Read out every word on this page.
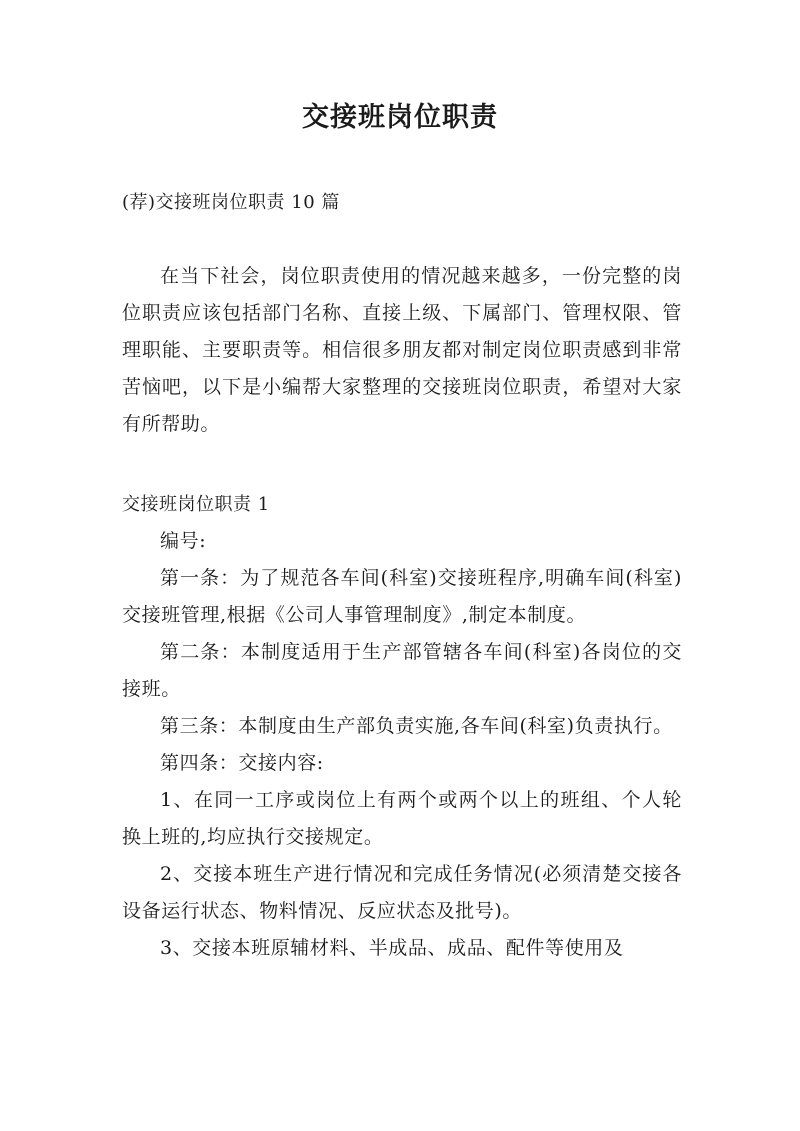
交接班岗位职责
(荐)交接班岗位职责 10 篇

在当下社会，岗位职责使用的情况越来越多，一份完整的岗位职责应该包括部门名称、直接上级、下属部门、管理权限、管理职能、主要职责等。相信很多朋友都对制定岗位职责感到非常苦恼吧，以下是小编帮大家整理的交接班岗位职责，希望对大家有所帮助。

交接班岗位职责 1

编号:

第一条：为了规范各车间(科室)交接班程序,明确车间(科室)交接班管理,根据《公司人事管理制度》,制定本制度。

第二条：本制度适用于生产部管辖各车间(科室)各岗位的交接班。

第三条：本制度由生产部负责实施,各车间(科室)负责执行。

第四条：交接内容:

1、在同一工序或岗位上有两个或两个以上的班组、个人轮换上班的,均应执行交接规定。

2、交接本班生产进行情况和完成任务情况(必须清楚交接各设备运行状态、物料情况、反应状态及批号)。

3、交接本班原辅材料、半成品、成品、配件等使用及
